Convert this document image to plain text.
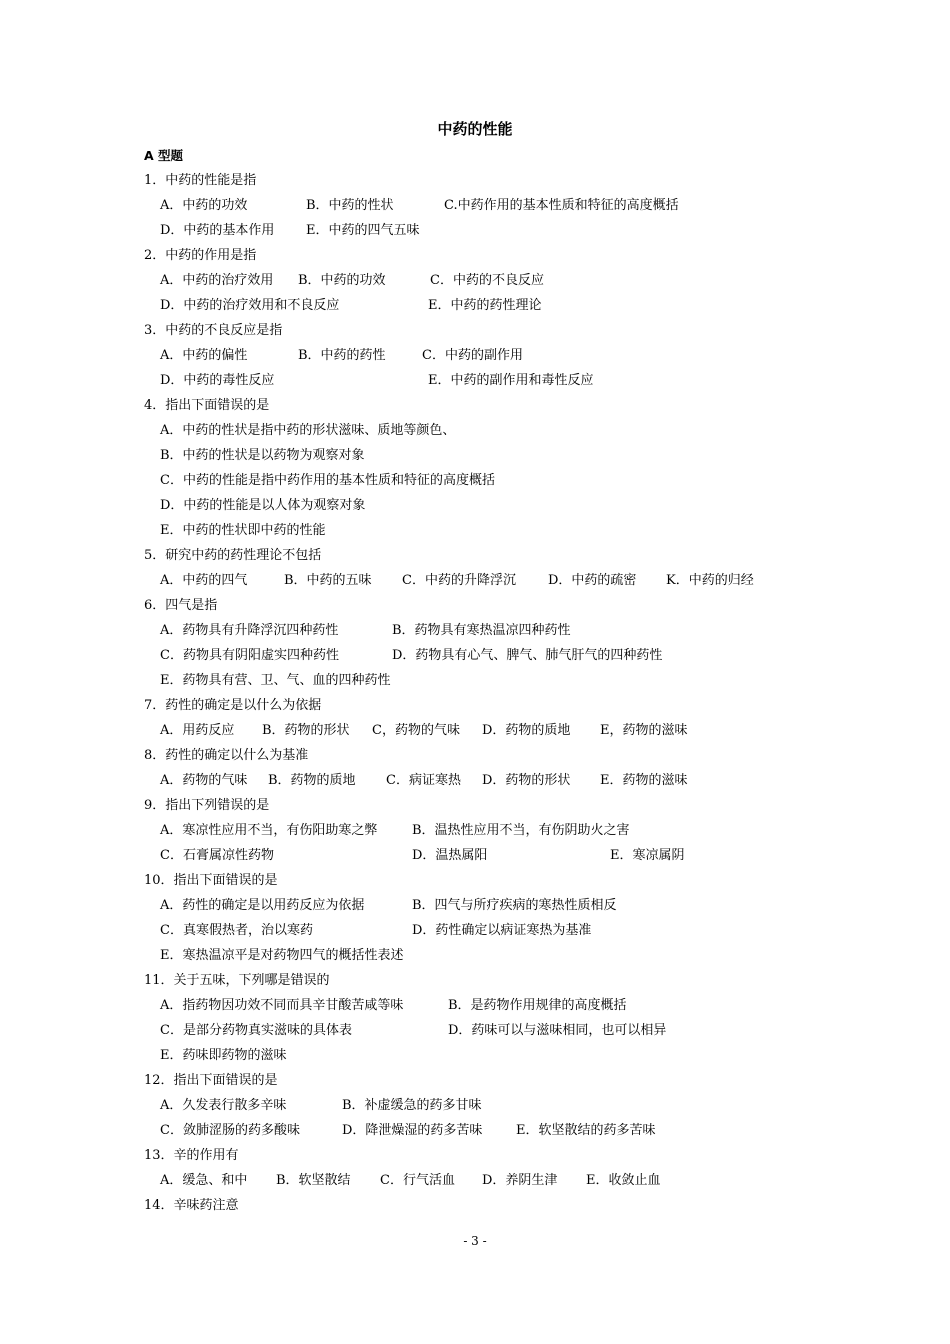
中药的性能
A 型题
1．中药的性能是指
A．中药的功效	B．中药的性状	C.中药作用的基本性质和特征的高度概括
D．中药的基本作用 E．中药的四气五味
2．中药的作用是指
A．中药的治疗效用 B．中药的功效	C．中药的不良反应
D．中药的治疗效用和不良反应	E．中药的药性理论
3．中药的不良反应是指
A．中药的偏性	B．中药的药性	C．中药的副作用
D．中药的毒性反应	E．中药的副作用和毒性反应
4．指出下面错误的是
A．中药的性状是指中药的形状滋味、质地等颜色、
B．中药的性状是以药物为观察对象
C．中药的性能是指中药作用的基本性质和特征的高度概括
D．中药的性能是以人体为观察对象
E．中药的性状即中药的性能
5．研究中药的药性理论不包括
A．中药的四气	B．中药的五味 C．中药的升降浮沉 D．中药的疏密 K．中药的归经
6．四气是指
A．药物具有升降浮沉四种药性	B．药物具有寒热温凉四种药性
C．药物具有阴阳虚实四种药性	D．药物具有心气、脾气、肺气肝气的四种药性
E．药物具有营、卫、气、血的四种药性
7．药性的确定是以什么为依据
A．用药反应 B．药物的形状 C，药物的气味 D．药物的质地 E，药物的滋味
8．药性的确定以什么为基准
A．药物的气味 B．药物的质地 C．病证寒热 D．药物的形状 E．药物的滋味
9．指出下列错误的是
A．寒凉性应用不当，有伤阳助寒之弊	B．温热性应用不当，有伤阴助火之害
C．石膏属凉性药物	D．温热属阳	E．寒凉属阴
10．指出下面错误的是
A．药性的确定是以用药反应为依据	B．四气与所疗疾病的寒热性质相反
C．真寒假热者，治以寒药	D．药性确定以病证寒热为基准
E．寒热温凉平是对药物四气的概括性表述
11．关于五味，下列哪是错误的
A．指药物因功效不同而具辛甘酸苦咸等味	B．是药物作用规律的高度概括
C．是部分药物真实滋味的具体表	D．药味可以与滋味相同，也可以相异
E．药味即药物的滋味
12．指出下面错误的是
A．久发表行散多辛味	B．补虚缓急的药多甘味
C．敛肺涩肠的药多酸味	D．降泄燥湿的药多苦味	E．软坚散结的药多苦味
13．辛的作用有
A．缓急、和中 B．软坚散结 C．行气活血 D．养阴生津 E．收敛止血
14．辛味药注意
- 3 -
